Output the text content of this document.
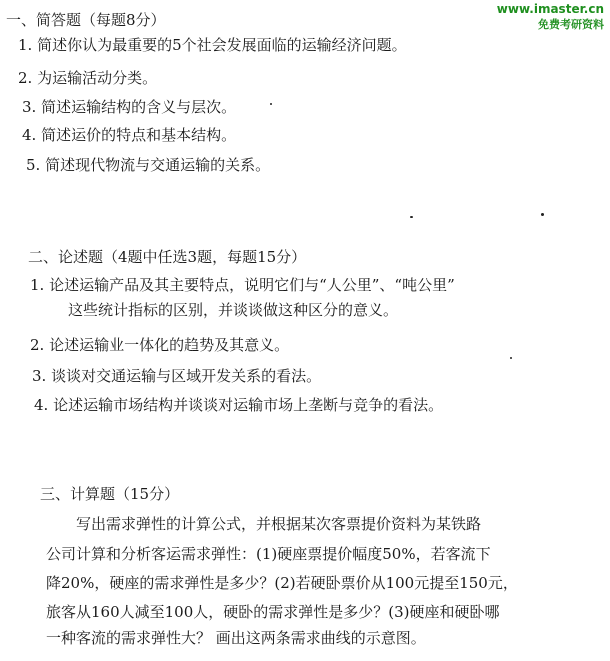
www.imaster.cn
免费考研资料
一、简答题（每题8分）
1. 简述你认为最重要的5个社会发展面临的运输经济问题。
2. 为运输活动分类。
3. 简述运输结构的含义与层次。
4. 简述运价的特点和基本结构。
5. 简述现代物流与交通运输的关系。
二、论述题（4题中任选3题，每题15分）
1. 论述运输产品及其主要特点，说明它们与“人公里”、“吨公里”
这些统计指标的区别，并谈谈做这种区分的意义。
2. 论述运输业一体化的趋势及其意义。
3. 谈谈对交通运输与区域开发关系的看法。
4. 论述运输市场结构并谈谈对运输市场上垄断与竞争的看法。
三、计算题（15分）
写出需求弹性的计算公式，并根据某次客票提价资料为某铁路
公司计算和分析客运需求弹性：(1)硬座票提价幅度50%，若客流下
降20%，硬座的需求弹性是多少？(2)若硬卧票价从100元提至150元，
旅客从160人减至100人，硬卧的需求弹性是多少？(3)硬座和硬卧哪
一种客流的需求弹性大？ 画出这两条需求曲线的示意图。
